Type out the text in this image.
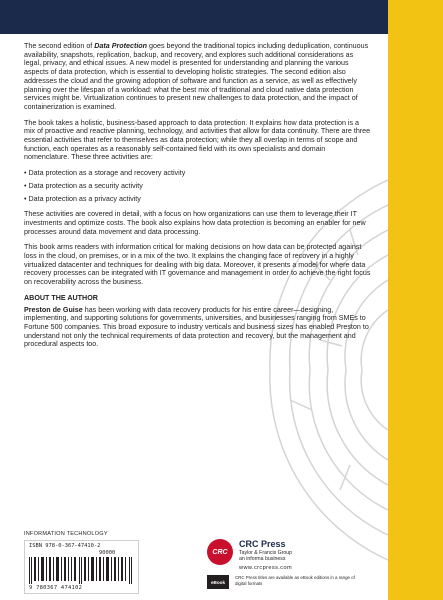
The second edition of Data Protection goes beyond the traditional topics including deduplication, continuous availability, snapshots, replication, backup, and recovery, and explores such additional considerations as legal, privacy, and ethical issues. A new model is presented for understanding and planning the various aspects of data protection, which is essential to developing holistic strategies. The second edition also addresses the cloud and the growing adoption of software and function as a service, as well as effectively planning over the lifespan of a workload: what the best mix of traditional and cloud native data protection services might be. Virtualization continues to present new challenges to data protection, and the impact of containerization is examined.

The book takes a holistic, business-based approach to data protection. It explains how data protection is a mix of proactive and reactive planning, technology, and activities that allow for data continuity. There are three essential activities that refer to themselves as data protection; while they all overlap in terms of scope and function, each operates as a reasonably self-contained field with its own specialists and domain nomenclature. These three activities are:

• Data protection as a storage and recovery activity

• Data protection as a security activity

• Data protection as a privacy activity

These activities are covered in detail, with a focus on how organizations can use them to leverage their IT investments and optimize costs. The book also explains how data protection is becoming an enabler for new processes around data movement and data processing.

This book arms readers with information critical for making decisions on how data can be protected against loss in the cloud, on premises, or in a mix of the two. It explains the changing face of recovery in a highly virtualized datacenter and techniques for dealing with big data. Moreover, it presents a model for where data recovery processes can be integrated with IT governance and management in order to achieve the right focus on recoverability across the business.

ABOUT THE AUTHOR

Preston de Guise has been working with data recovery products for his entire career—designing, implementing, and supporting solutions for governments, universities, and businesses ranging from SMEs to Fortune 500 companies. This broad exposure to industry verticals and business sizes has enabled Preston to understand not only the technical requirements of data protection and recovery, but the management and procedural aspects too.

INFORMATION TECHNOLOGY
ISBN 978-0-367-47410-2
90000
9 780367 474102
CRC
CRC Press
Taylor & Francis Group
an informa business
www.crcpress.com
eBook
CRC Press titles are available as eBook editions in a range of digital formats
